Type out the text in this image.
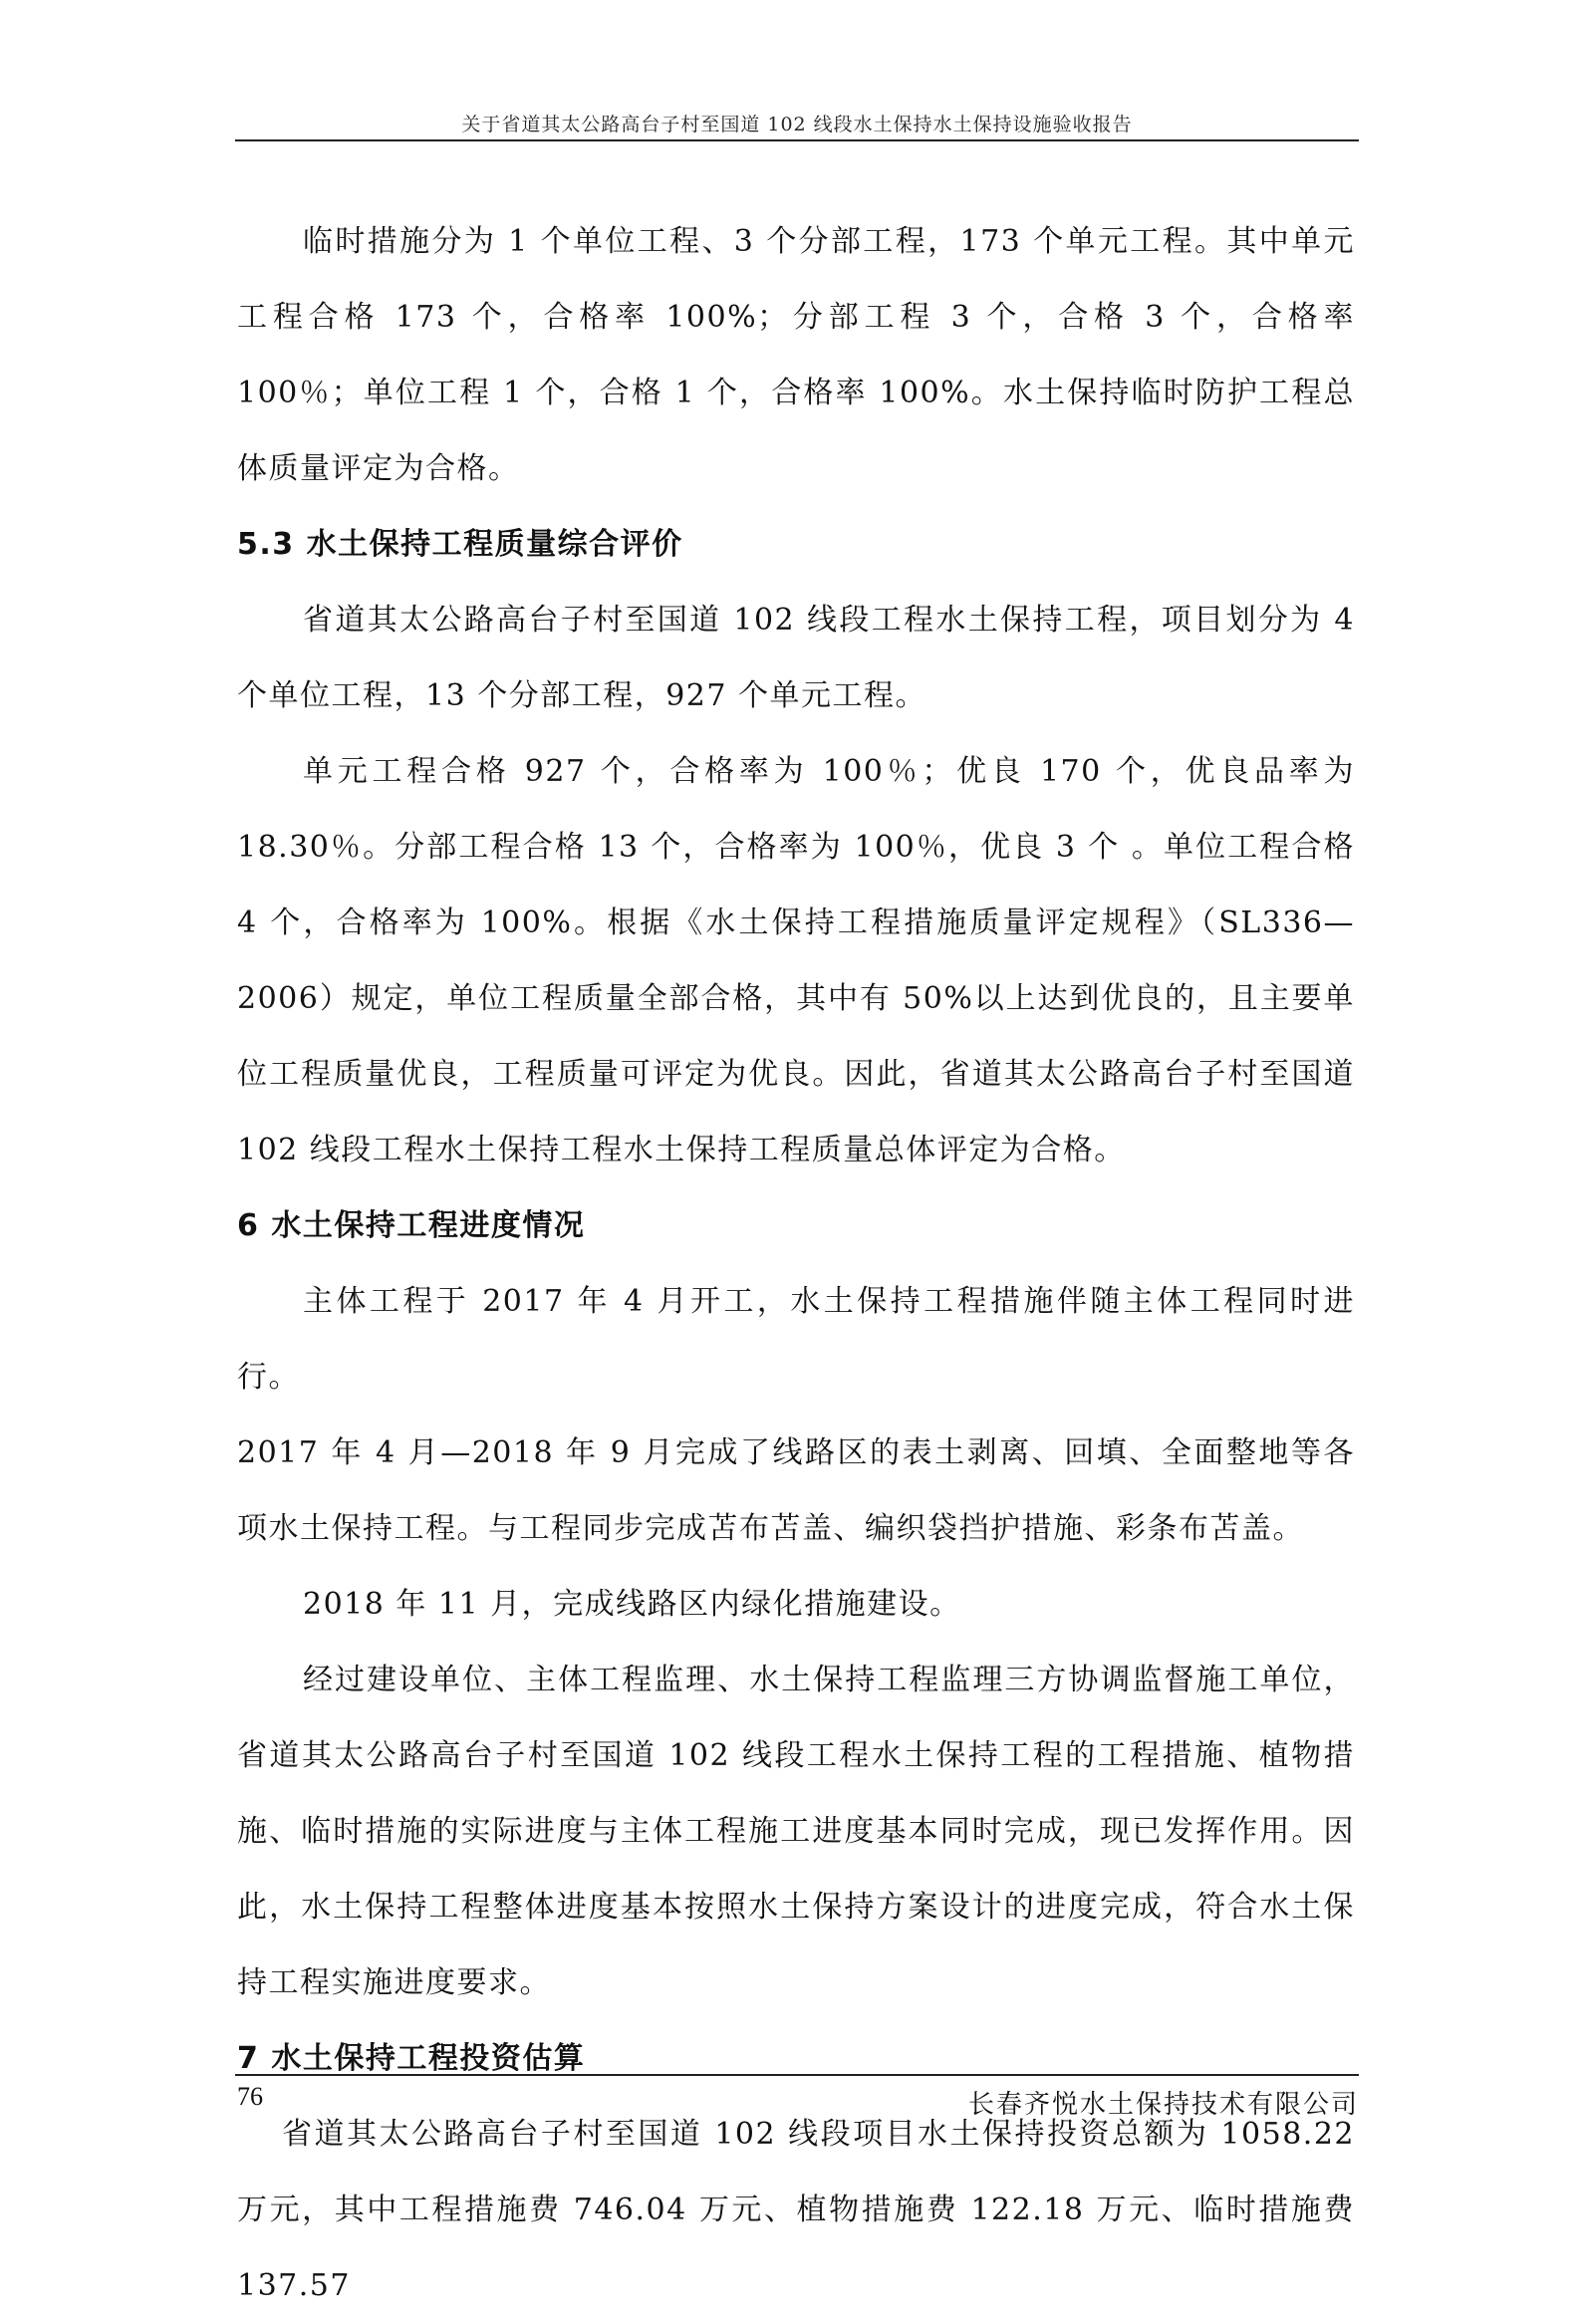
关于省道其太公路高台子村至国道 102 线段水土保持水土保持设施验收报告

临时措施分为 1 个单位工程、3 个分部工程，173 个单元工程。其中单元工程合格 173 个，合格率 100%；分部工程 3 个，合格 3 个，合格率 100％；单位工程 1 个，合格 1 个，合格率 100%。水土保持临时防护工程总体质量评定为合格。

5.3 水土保持工程质量综合评价

省道其太公路高台子村至国道 102 线段工程水土保持工程，项目划分为 4 个单位工程，13 个分部工程，927 个单元工程。

单元工程合格 927 个，合格率为 100％；优良 170 个，优良品率为 18.30％。分部工程合格 13 个，合格率为 100％，优良 3 个 。单位工程合格 4 个，合格率为 100%。根据《水土保持工程措施质量评定规程》（SL336—2006）规定，单位工程质量全部合格，其中有 50%以上达到优良的，且主要单位工程质量优良，工程质量可评定为优良。因此，省道其太公路高台子村至国道 102 线段工程水土保持工程水土保持工程质量总体评定为合格。

6 水土保持工程进度情况

主体工程于 2017 年 4 月开工，水土保持工程措施伴随主体工程同时进行。

2017 年 4 月—2018 年 9 月完成了线路区的表土剥离、回填、全面整地等各项水土保持工程。与工程同步完成苫布苫盖、编织袋挡护措施、彩条布苫盖。

2018 年 11 月，完成线路区内绿化措施建设。

经过建设单位、主体工程监理、水土保持工程监理三方协调监督施工单位，省道其太公路高台子村至国道 102 线段工程水土保持工程的工程措施、植物措施、临时措施的实际进度与主体工程施工进度基本同时完成，现已发挥作用。因此，水土保持工程整体进度基本按照水土保持方案设计的进度完成，符合水土保持工程实施进度要求。

7 水土保持工程投资估算

省道其太公路高台子村至国道 102 线段项目水土保持投资总额为 1058.22 万元，其中工程措施费 746.04 万元、植物措施费 122.18 万元、临时措施费 137.57

76	长春齐悦水土保持技术有限公司
